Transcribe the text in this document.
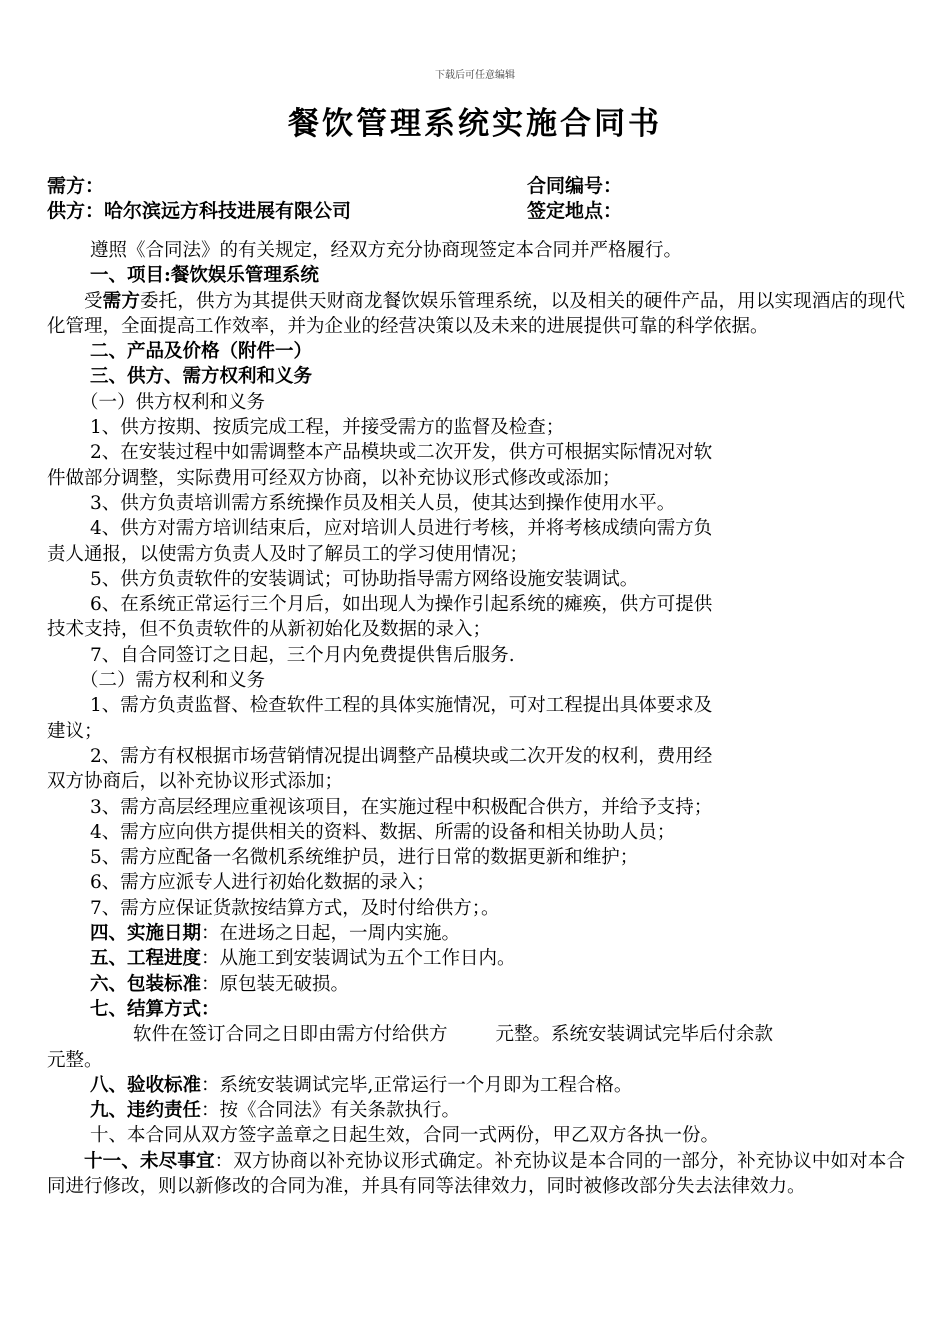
下载后可任意编辑
餐饮管理系统实施合同书
需方：	合同编号：
供方：哈尔滨远方科技进展有限公司	签定地点：

遵照《合同法》的有关规定，经双方充分协商现签定本合同并严格履行。

一、项目:餐饮娱乐管理系统

受需方委托，供方为其提供天财商龙餐饮娱乐管理系统，以及相关的硬件产品，用以实现酒店的现代化管理，全面提高工作效率，并为企业的经营决策以及未来的进展提供可靠的科学依据。

二、产品及价格（附件一）

三、供方、需方权利和义务

（一）供方权利和义务

1、供方按期、按质完成工程，并接受需方的监督及检查；

2、在安装过程中如需调整本产品模块或二次开发，供方可根据实际情况对软

件做部分调整，实际费用可经双方协商，以补充协议形式修改或添加；

3、供方负责培训需方系统操作员及相关人员，使其达到操作使用水平。

4、供方对需方培训结束后，应对培训人员进行考核，并将考核成绩向需方负

责人通报，以使需方负责人及时了解员工的学习使用情况；

5、供方负责软件的安装调试；可协助指导需方网络设施安装调试。

6、在系统正常运行三个月后，如出现人为操作引起系统的瘫痪，供方可提供

技术支持，但不负责软件的从新初始化及数据的录入；

7、自合同签订之日起，三个月内免费提供售后服务.

（二）需方权利和义务

1、需方负责监督、检查软件工程的具体实施情况，可对工程提出具体要求及

建议；

2、需方有权根据市场营销情况提出调整产品模块或二次开发的权利，费用经

双方协商后，以补充协议形式添加；

3、需方高层经理应重视该项目，在实施过程中积极配合供方，并给予支持；

4、需方应向供方提供相关的资料、数据、所需的设备和相关协助人员；

5、需方应配备一名微机系统维护员，进行日常的数据更新和维护；

6、需方应派专人进行初始化数据的录入；

7、需方应保证货款按结算方式，及时付给供方；。

四、实施日期：在进场之日起，一周内实施。

五、工程进度：从施工到安装调试为五个工作日内。

六、包装标准：原包装无破损。

七、结算方式：

软件在签订合同之日即由需方付给供方	元整。系统安装调试完毕后付余款

元整。

八、验收标准：系统安装调试完毕,正常运行一个月即为工程合格。

九、违约责任：按《合同法》有关条款执行。

十、本合同从双方签字盖章之日起生效，合同一式两份，甲乙双方各执一份。

十一、未尽事宜：双方协商以补充协议形式确定。补充协议是本合同的一部分，补充协议中如对本合同进行修改，则以新修改的合同为准，并具有同等法律效力，同时被修改部分失去法律效力。
